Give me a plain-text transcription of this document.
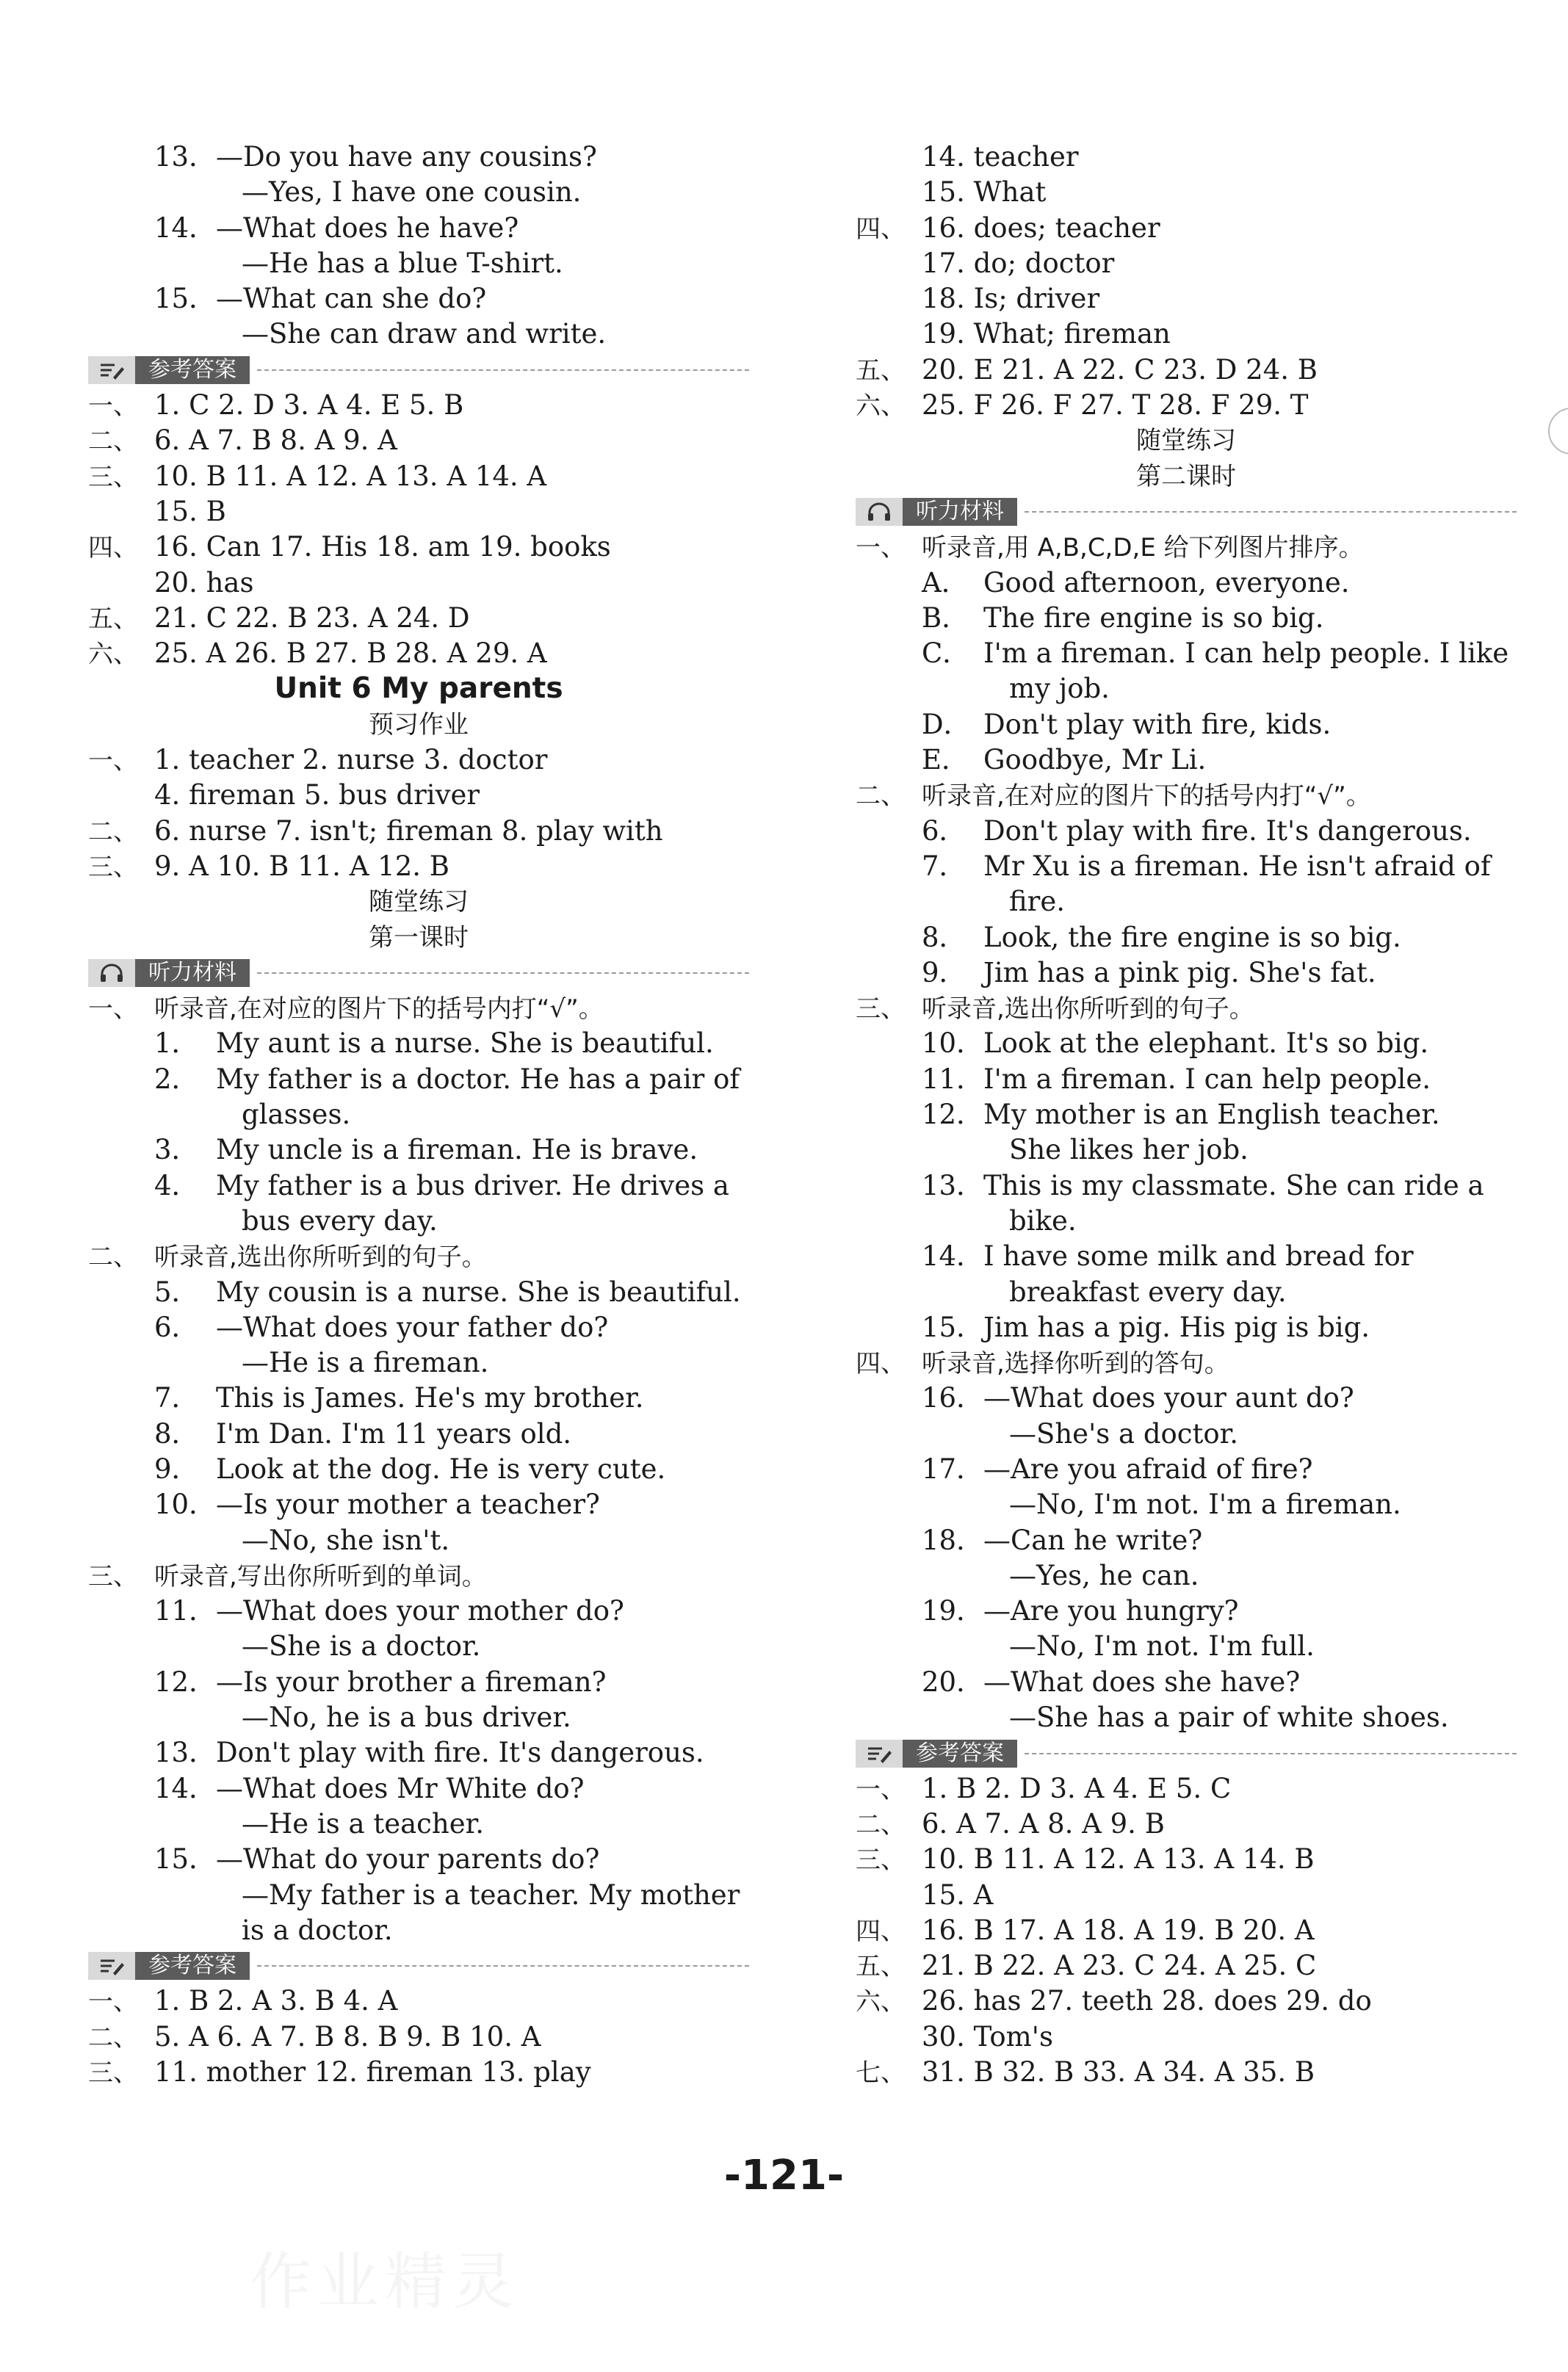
13．—Do you have any cousins?
—Yes, I have one cousin.
14．—What does he have?
—He has a blue T-shirt.
15．—What can she do?
—She can draw and write.
参考答案
一、 1. C 2. D 3. A 4. E 5. B
二、 6. A 7. B 8. A 9. A
三、 10. B 11. A 12. A 13. A 14. A
15. B
四、 16. Can 17. His 18. am 19. books
20. has
五、 21. C 22. B 23. A 24. D
六、 25. A 26. B 27. B 28. A 29. A
Unit 6 My parents
预习作业
一、 1. teacher 2. nurse 3. doctor
4. fireman 5. bus driver
二、 6. nurse 7. isn't; fireman 8. play with
三、 9. A 10. B 11. A 12. B
随堂练习
第一课时
听力材料
一、 听录音,在对应的图片下的括号内打“√”。
1． My aunt is a nurse. She is beautiful.
2． My father is a doctor. He has a pair of
glasses.
3． My uncle is a fireman. He is brave.
4． My father is a bus driver. He drives a
bus every day.
二、 听录音,选出你所听到的句子。
5． My cousin is a nurse. She is beautiful.
6． —What does your father do?
—He is a fireman.
7． This is James. He's my brother.
8． I'm Dan. I'm 11 years old.
9． Look at the dog. He is very cute.
10．—Is your mother a teacher?
—No, she isn't.
三、 听录音,写出你所听到的单词。
11．—What does your mother do?
—She is a doctor.
12．—Is your brother a fireman?
—No, he is a bus driver.
13．Don't play with fire. It's dangerous.
14．—What does Mr White do?
—He is a teacher.
15．—What do your parents do?
—My father is a teacher. My mother
is a doctor.
参考答案
一、 1. B 2. A 3. B 4. A
二、 5. A 6. A 7. B 8. B 9. B 10. A
三、 11. mother 12. fireman 13. play
14. teacher
15. What
四、 16. does; teacher
17. do; doctor
18. Is; driver
19. What; fireman
五、 20. E 21. A 22. C 23. D 24. B
六、 25. F 26. F 27. T 28. F 29. T
随堂练习
第二课时
听力材料
一、 听录音,用 A,B,C,D,E 给下列图片排序。
A． Good afternoon, everyone.
B． The fire engine is so big.
C． I'm a fireman. I can help people. I like
my job.
D． Don't play with fire, kids.
E． Goodbye, Mr Li.
二、 听录音,在对应的图片下的括号内打“√”。
6． Don't play with fire. It's dangerous.
7． Mr Xu is a fireman. He isn't afraid of
fire.
8． Look, the fire engine is so big.
9． Jim has a pink pig. She's fat.
三、 听录音,选出你所听到的句子。
10．Look at the elephant. It's so big.
11．I'm a fireman. I can help people.
12．My mother is an English teacher.
She likes her job.
13．This is my classmate. She can ride a
bike.
14．I have some milk and bread for
breakfast every day.
15．Jim has a pig. His pig is big.
四、 听录音,选择你听到的答句。
16．—What does your aunt do?
—She's a doctor.
17．—Are you afraid of fire?
—No, I'm not. I'm a fireman.
18．—Can he write?
—Yes, he can.
19．—Are you hungry?
—No, I'm not. I'm full.
20．—What does she have?
—She has a pair of white shoes.
参考答案
一、 1. B 2. D 3. A 4. E 5. C
二、 6. A 7. A 8. A 9. B
三、 10. B 11. A 12. A 13. A 14. B
15. A
四、 16. B 17. A 18. A 19. B 20. A
五、 21. B 22. A 23. C 24. A 25. C
六、 26. has 27. teeth 28. does 29. do
30. Tom's
七、 31. B 32. B 33. A 34. A 35. B
-121-
作业精灵
